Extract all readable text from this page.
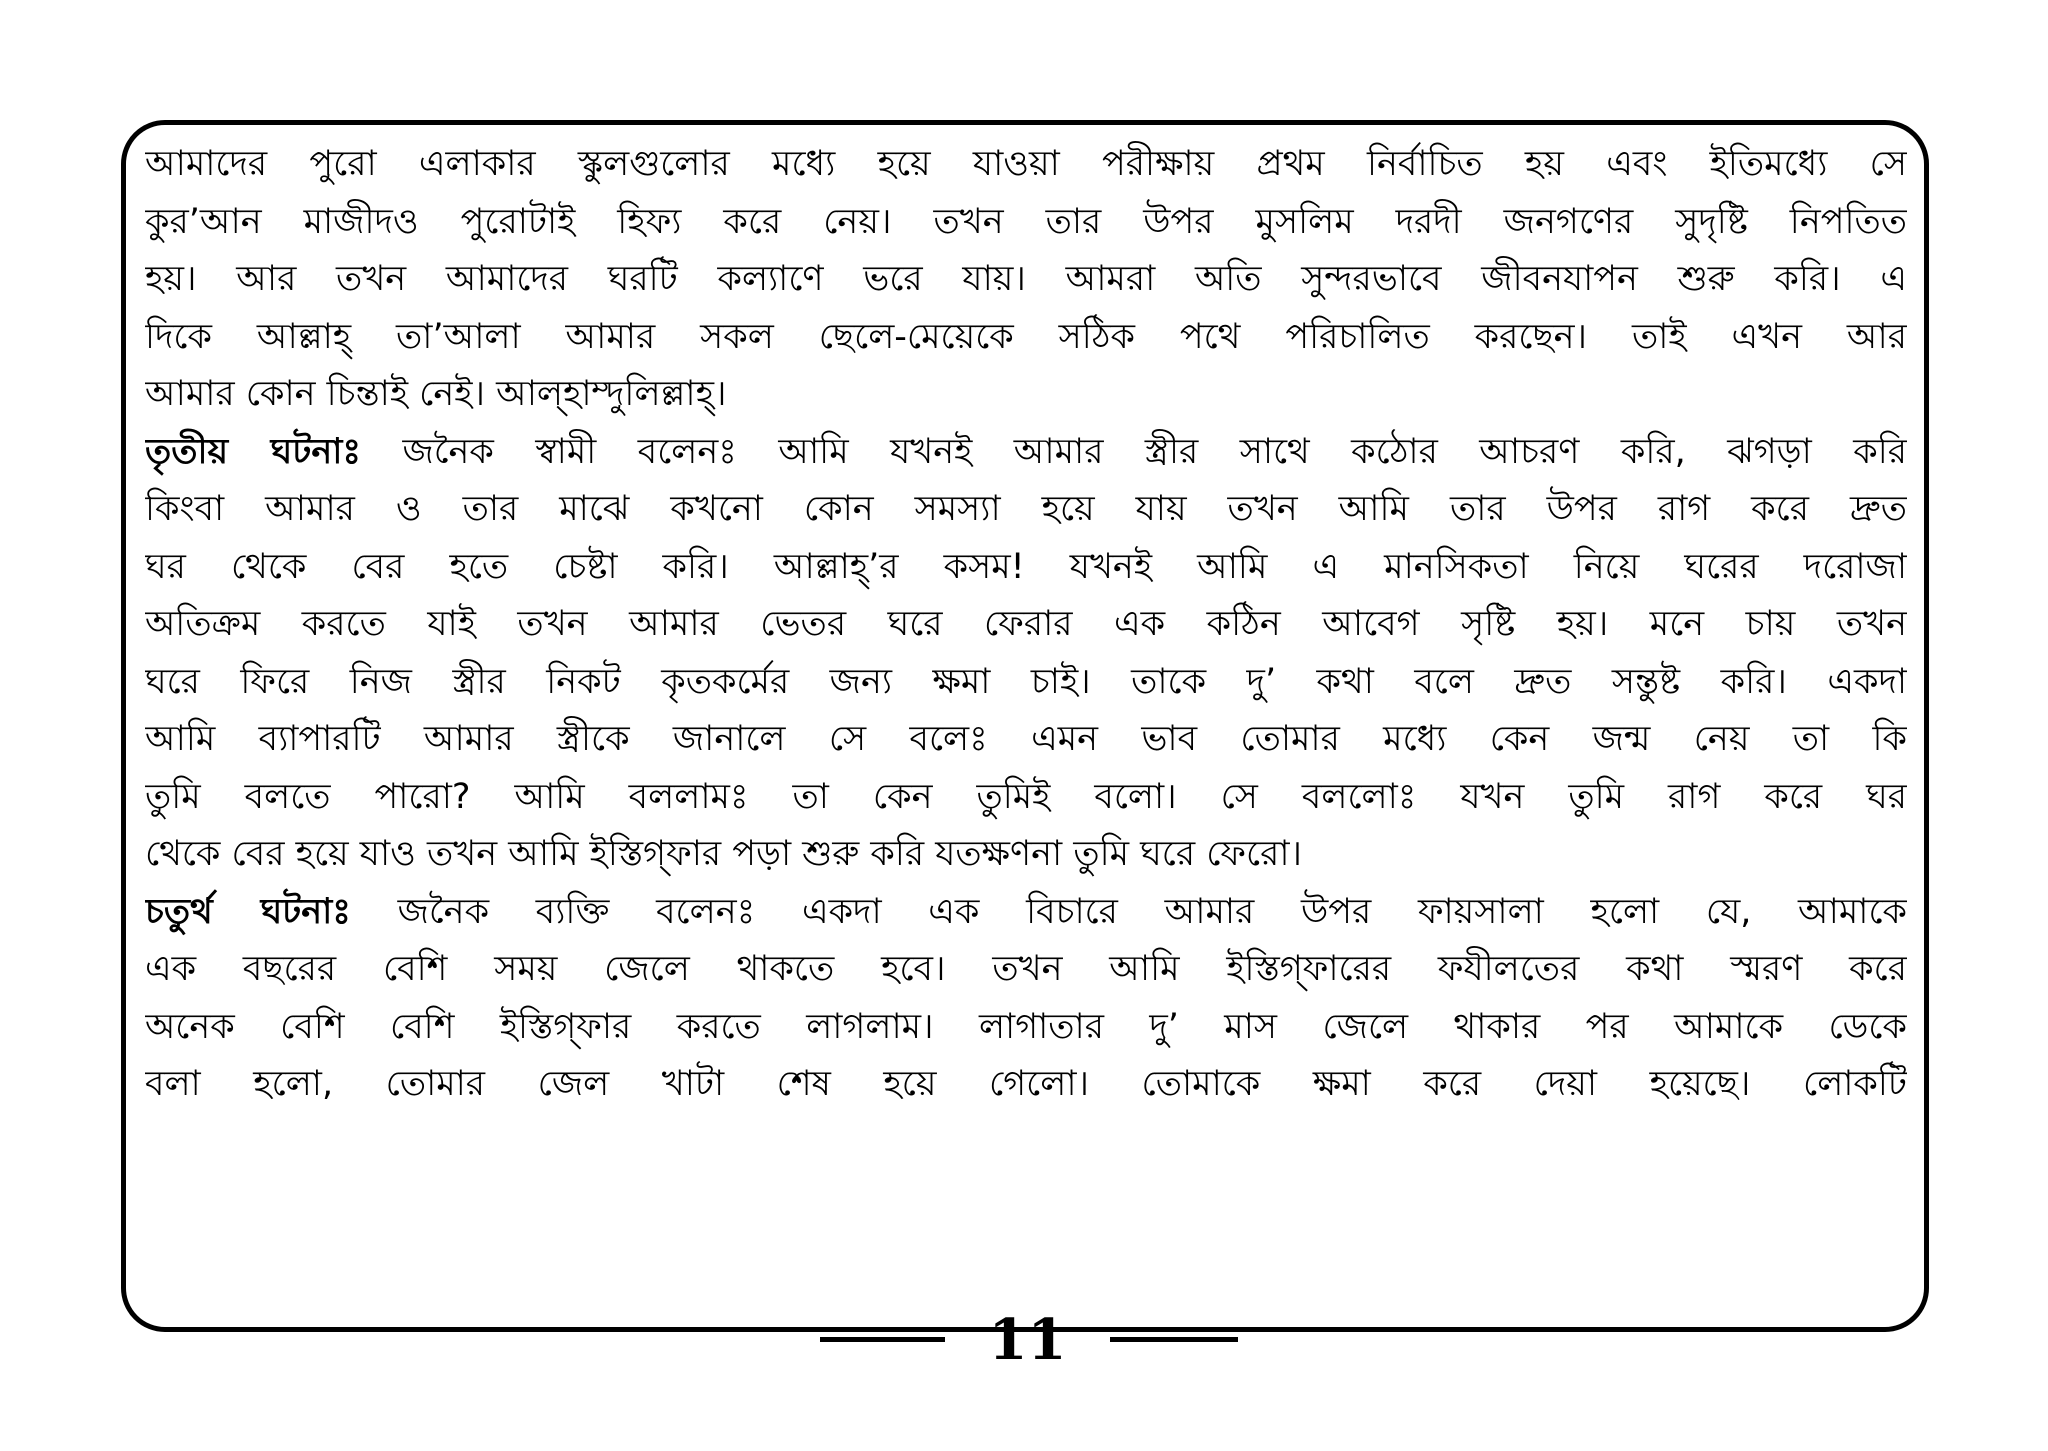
আমাদের পুরো এলাকার স্কুলগুলোর মধ্যে হয়ে যাওয়া পরীক্ষায় প্রথম নির্বাচিত হয় এবং ইতিমধ্যে সে
কুর’আন মাজীদও পুরোটাই হিফ্য করে নেয়। তখন তার উপর মুসলিম দরদী জনগণের সুদৃষ্টি নিপতিত
হয়। আর তখন আমাদের ঘরটি কল্যাণে ভরে যায়। আমরা অতি সুন্দরভাবে জীবনযাপন শুরু করি। এ
দিকে আল্লাহ্ তা’আলা আমার সকল ছেলে-মেয়েকে সঠিক পথে পরিচালিত করছেন। তাই এখন আর
আমার কোন চিন্তাই নেই। আল্হাম্দুলিল্লাহ্।
তৃতীয় ঘটনাঃ জনৈক স্বামী বলেনঃ আমি যখনই আমার স্ত্রীর সাথে কঠোর আচরণ করি, ঝগড়া করি
কিংবা আমার ও তার মাঝে কখনো কোন সমস্যা হয়ে যায় তখন আমি তার উপর রাগ করে দ্রুত
ঘর থেকে বের হতে চেষ্টা করি। আল্লাহ্’র কসম! যখনই আমি এ মানসিকতা নিয়ে ঘরের দরোজা
অতিক্রম করতে যাই তখন আমার ভেতর ঘরে ফেরার এক কঠিন আবেগ সৃষ্টি হয়। মনে চায় তখন
ঘরে ফিরে নিজ স্ত্রীর নিকট কৃতকর্মের জন্য ক্ষমা চাই। তাকে দু’ কথা বলে দ্রুত সন্তুষ্ট করি। একদা
আমি ব্যাপারটি আমার স্ত্রীকে জানালে সে বলেঃ এমন ভাব তোমার মধ্যে কেন জন্ম নেয় তা কি
তুমি বলতে পারো? আমি বললামঃ তা কেন তুমিই বলো। সে বললোঃ যখন তুমি রাগ করে ঘর
থেকে বের হয়ে যাও তখন আমি ইস্তিগ্ফার পড়া শুরু করি যতক্ষণনা তুমি ঘরে ফেরো।
চতুর্থ ঘটনাঃ জনৈক ব্যক্তি বলেনঃ একদা এক বিচারে আমার উপর ফায়সালা হলো যে, আমাকে
এক বছরের বেশি সময় জেলে থাকতে হবে। তখন আমি ইস্তিগ্ফারের ফযীলতের কথা স্মরণ করে
অনেক বেশি বেশি ইস্তিগ্ফার করতে লাগলাম। লাগাতার দু’ মাস জেলে থাকার পর আমাকে ডেকে
বলা হলো, তোমার জেল খাটা শেষ হয়ে গেলো। তোমাকে ক্ষমা করে দেয়া হয়েছে। লোকটি
11
